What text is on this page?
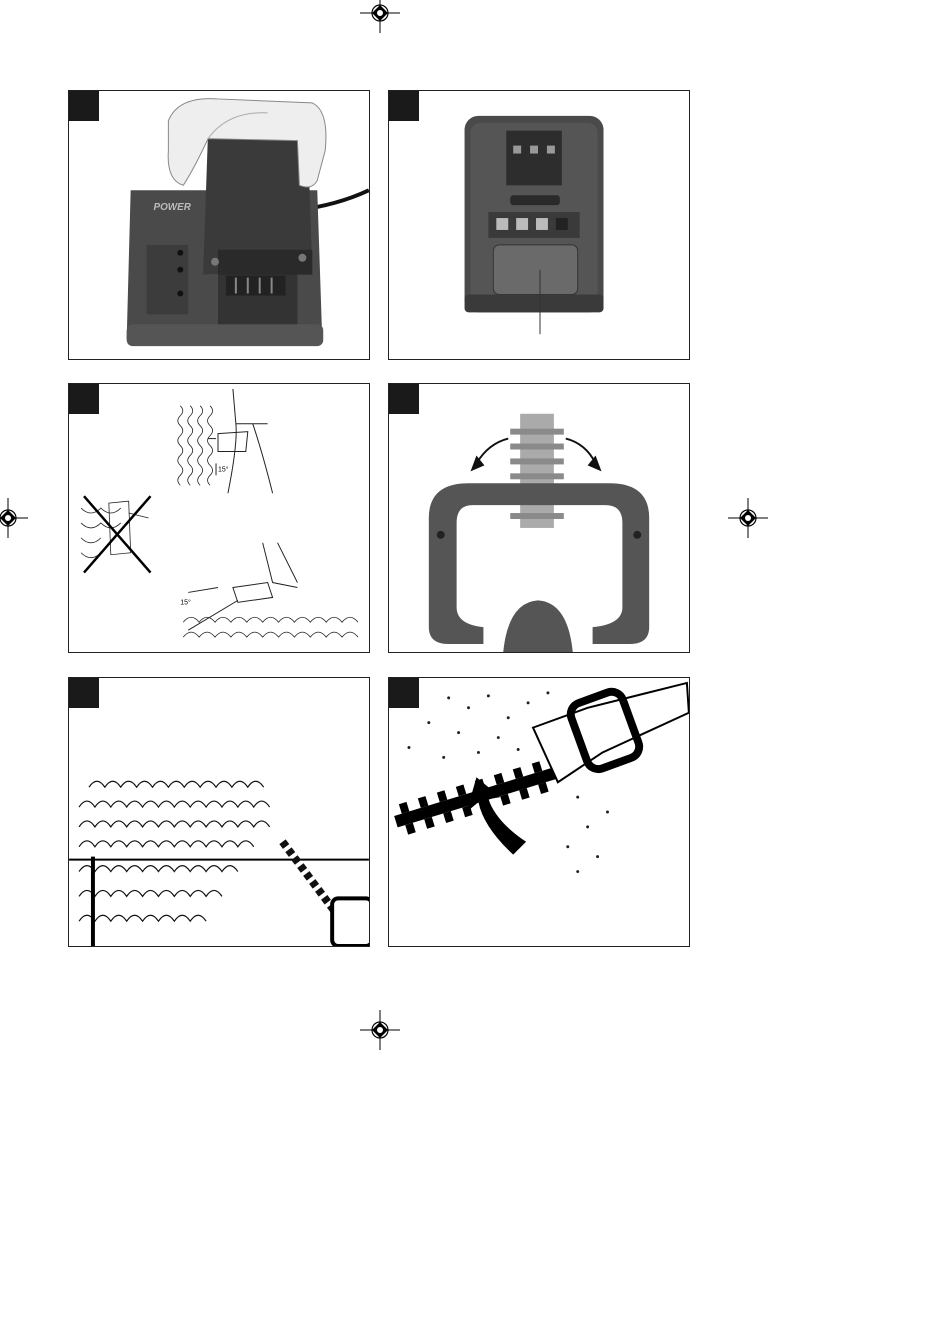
POWER
15°
15°
